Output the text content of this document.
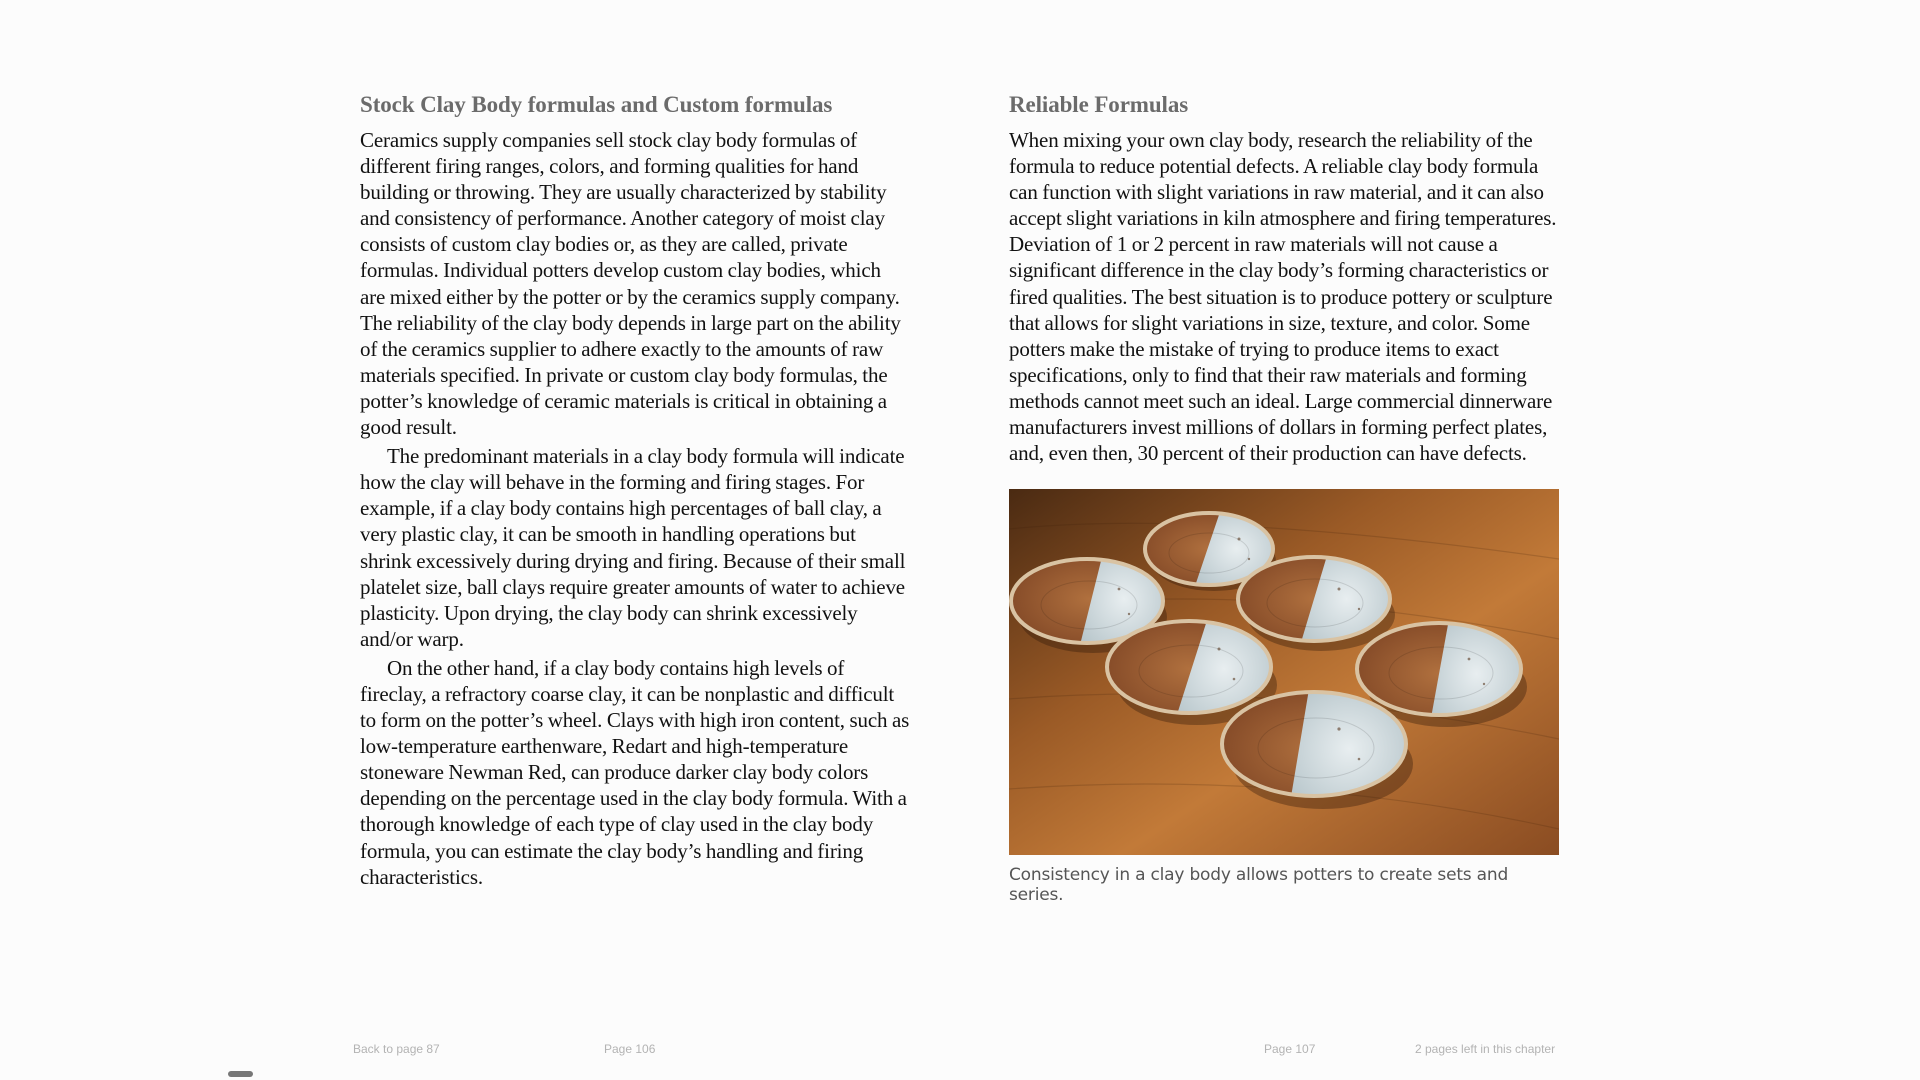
Stock Clay Body formulas and Custom formulas

Ceramics supply companies sell stock clay body formulas of different firing ranges, colors, and forming qualities for hand building or throwing. They are usually characterized by stability and consistency of performance. Another category of moist clay consists of custom clay bodies or, as they are called, private formulas. Individual potters develop custom clay bodies, which are mixed either by the potter or by the ceramics supply company. The reliability of the clay body depends in large part on the ability of the ceramics supplier to adhere exactly to the amounts of raw materials specified. In private or custom clay body formulas, the potter’s knowledge of ceramic materials is critical in obtaining a good result.

The predominant materials in a clay body formula will indicate how the clay will behave in the forming and firing stages. For example, if a clay body contains high percentages of ball clay, a very plastic clay, it can be smooth in handling operations but shrink excessively during drying and firing. Because of their small platelet size, ball clays require greater amounts of water to achieve plasticity. Upon drying, the clay body can shrink excessively and/or warp.

On the other hand, if a clay body contains high levels of fireclay, a refractory coarse clay, it can be nonplastic and difficult to form on the potter’s wheel. Clays with high iron content, such as low-temperature earthenware, Redart and high-temperature stoneware Newman Red, can produce darker clay body colors depending on the percentage used in the clay body formula. With a thorough knowledge of each type of clay used in the clay body formula, you can estimate the clay body’s handling and firing characteristics.

Reliable Formulas

When mixing your own clay body, research the reliability of the formula to reduce potential defects. A reliable clay body formula can function with slight variations in raw material, and it can also accept slight variations in kiln atmosphere and firing temperatures. Deviation of 1 or 2 percent in raw materials will not cause a significant difference in the clay body’s forming characteristics or fired qualities. The best situation is to produce pottery or sculpture that allows for slight variations in size, texture, and color. Some potters make the mistake of trying to produce items to exact specifications, only to find that their raw materials and forming methods cannot meet such an ideal. Large commercial dinnerware manufacturers invest millions of dollars in forming perfect plates, and, even then, 30 percent of their production can have defects.

Consistency in a clay body allows potters to create sets and series.
Back to page 87	Page 106	Page 107	2 pages left in this chapter
